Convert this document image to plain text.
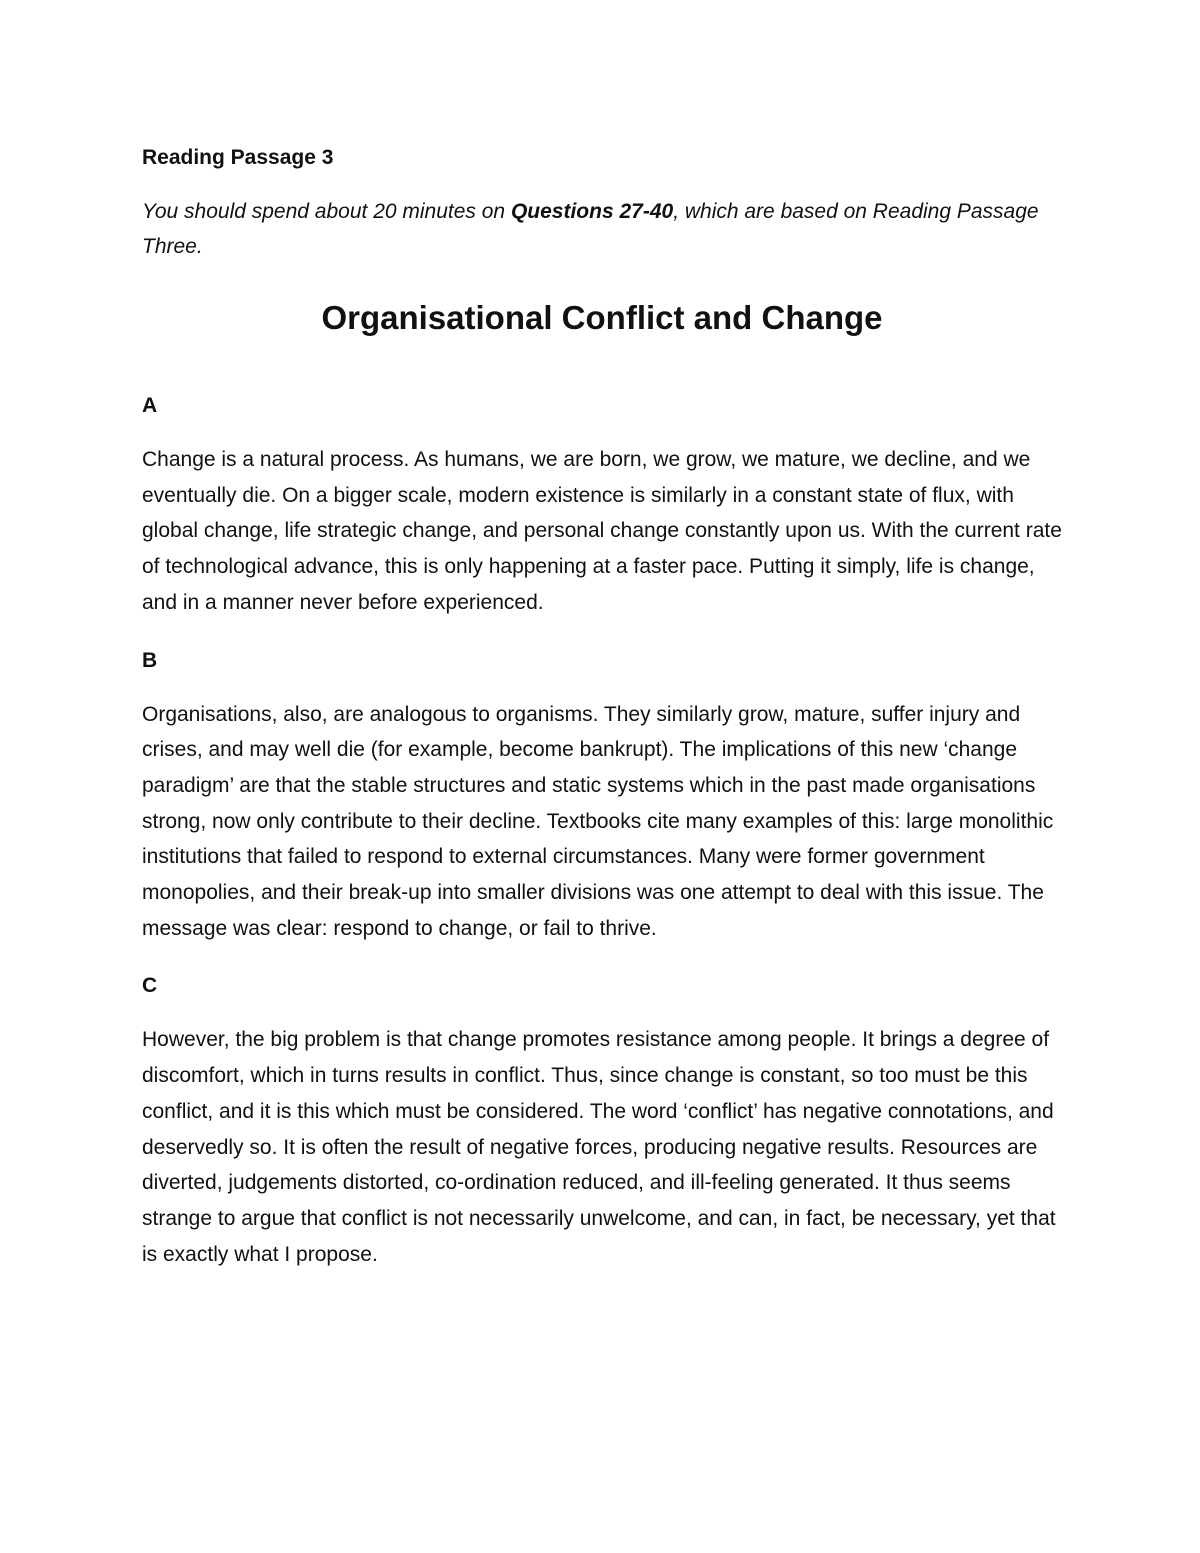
Reading Passage 3

You should spend about 20 minutes on Questions 27-40, which are based on Reading Passage Three.

Organisational Conflict and Change

A

Change is a natural process. As humans, we are born, we grow, we mature, we decline, and we eventually die. On a bigger scale, modern existence is similarly in a constant state of flux, with global change, life strategic change, and personal change constantly upon us. With the current rate of technological advance, this is only happening at a faster pace. Putting it simply, life is change, and in a manner never before experienced.

B

Organisations, also, are analogous to organisms. They similarly grow, mature, suffer injury and crises, and may well die (for example, become bankrupt). The implications of this new ‘change paradigm’ are that the stable structures and static systems which in the past made organisations strong, now only contribute to their decline. Textbooks cite many examples of this: large monolithic institutions that failed to respond to external circumstances. Many were former government monopolies, and their break-up into smaller divisions was one attempt to deal with this issue. The message was clear: respond to change, or fail to thrive.

C

However, the big problem is that change promotes resistance among people. It brings a degree of discomfort, which in turns results in conflict. Thus, since change is constant, so too must be this conflict, and it is this which must be considered. The word ‘conflict’ has negative connotations, and deservedly so. It is often the result of negative forces, producing negative results. Resources are diverted, judgements distorted, co-ordination reduced, and ill-feeling generated. It thus seems strange to argue that conflict is not necessarily unwelcome, and can, in fact, be necessary, yet that is exactly what I propose.
